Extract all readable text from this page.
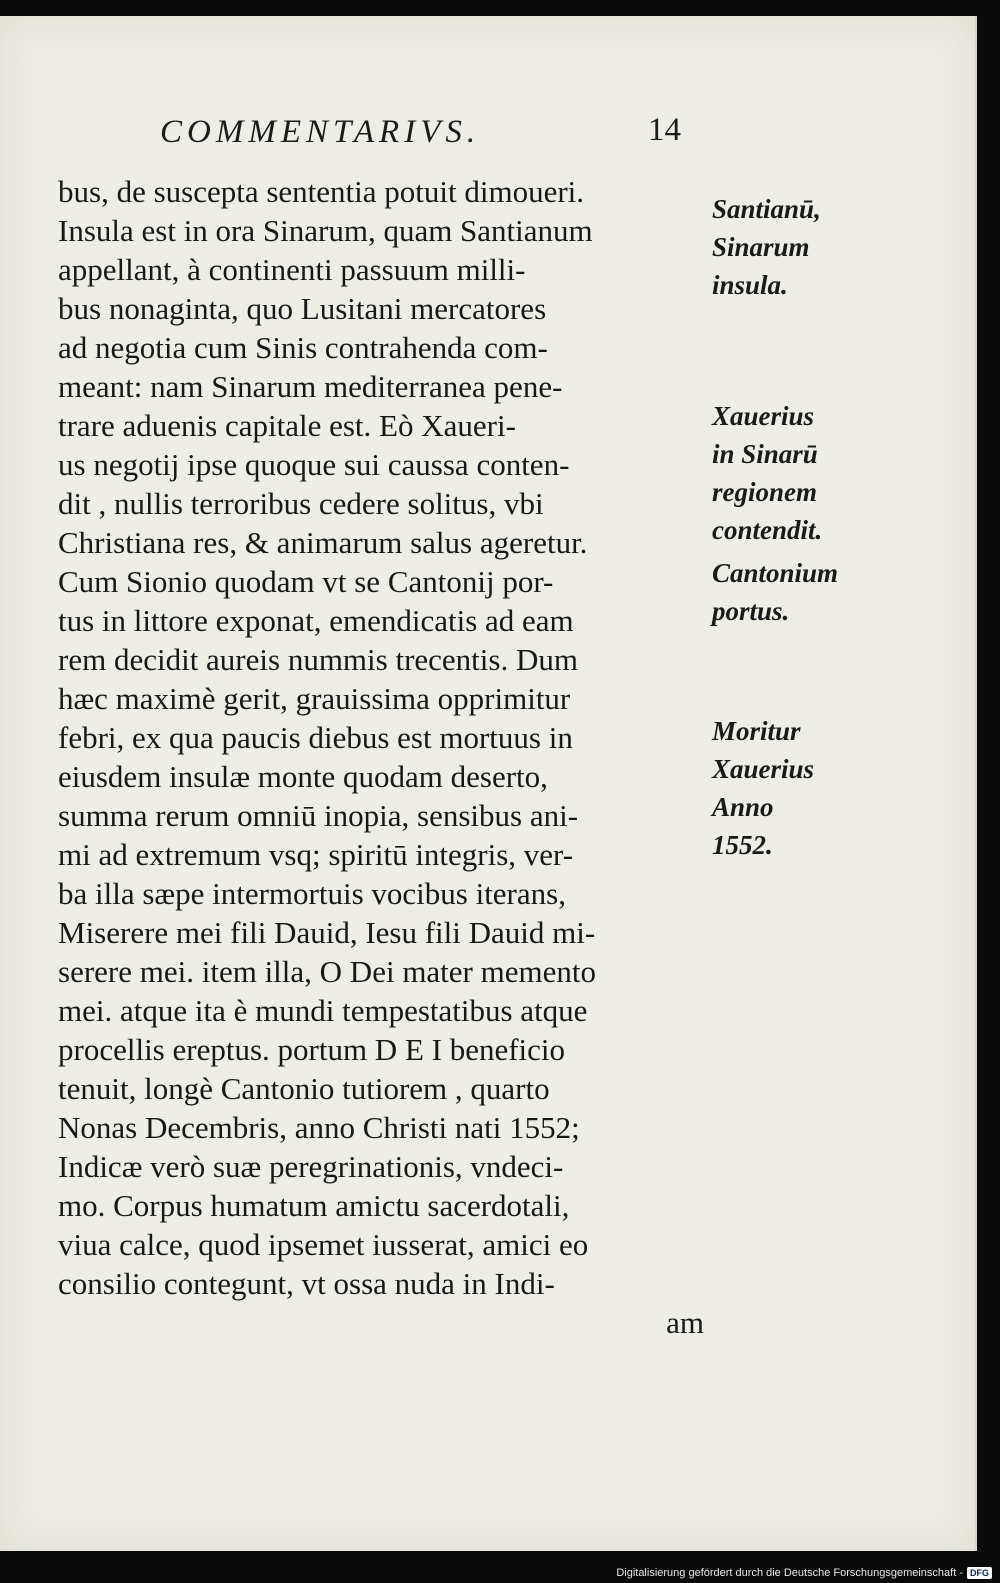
COMMENTARIVS.	14
bus, de suscepta sententia potuit dimoueri.
Insula est in ora Sinarum, quam Santianum
appellant, à continenti passuum milli-
bus nonaginta, quo Lusitani mercatores
ad negotia cum Sinis contrahenda com-
meant: nam Sinarum mediterranea pene-
trare aduenis capitale est. Eò Xaueri-
us negotij ipse quoque sui caussa conten-
dit , nullis terroribus cedere solitus, vbi
Christiana res, & animarum salus ageretur.
Cum Sionio quodam vt se Cantonij por-
tus in littore exponat, emendicatis ad eam
rem decidit aureis nummis trecentis. Dum
hæc maximè gerit, grauissima opprimitur
febri, ex qua paucis diebus est mortuus in
eiusdem insulæ monte quodam deserto,
summa rerum omniū inopia, sensibus ani-
mi ad extremum vsq; spiritū integris, ver-
ba illa sæpe intermortuis vocibus iterans,
Miserere mei fili Dauid, Iesu fili Dauid mi-
serere mei. item illa, O Dei mater memento
mei. atque ita è mundi tempestatibus atque
procellis ereptus. portum D E I beneficio
tenuit, longè Cantonio tutiorem , quarto
Nonas Decembris, anno Christi nati 1552;
Indicæ verò suæ peregrinationis, vndeci-
mo. Corpus humatum amictu sacerdotali,
viua calce, quod ipsemet iusserat, amici eo
consilio contegunt, vt ossa nuda in Indi-
am
Santianū,
Sinarum
insula.
Xauerius
in Sinarū
regionem
contendit.
Cantonium
portus.
Moritur
Xauerius
Anno
1552.
Digitalisierung gefördert durch die Deutsche Forschungsgemeinschaft - DFG
